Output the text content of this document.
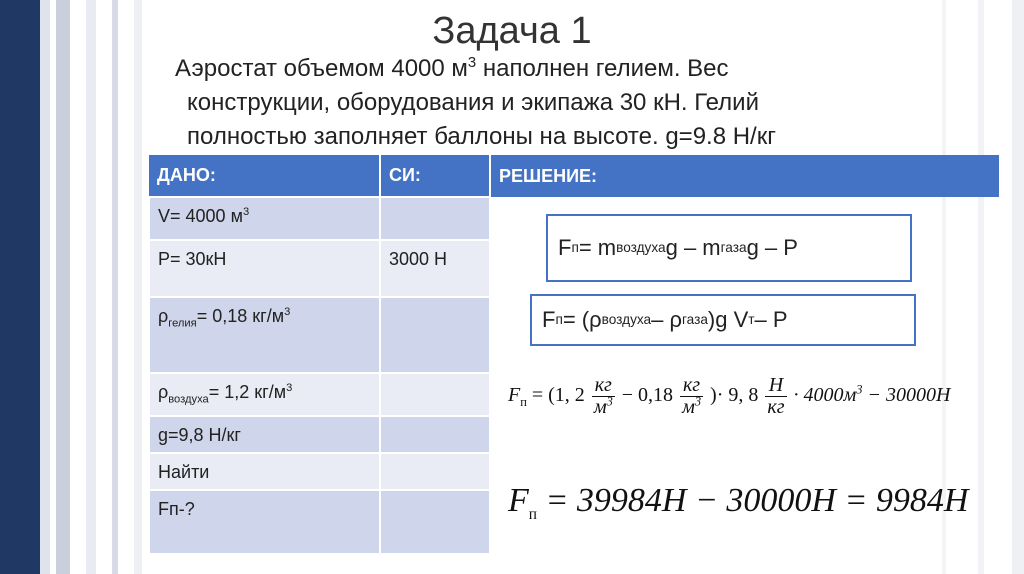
Задача 1
Аэростат объемом 4000 $м^3$ наполнен гелием. Вес
конструкции, оборудования и экипажа 30 кН. Гелий
полностью заполняет баллоны на высоте. g=9.8 Н/кг
ДАНО:	СИ:	РЕШЕНИЕ:
V= 4000 $м^3$	
P= 30кН	3000 Н	
$\rho_{гелия}= 0,18$ $кг/м^3$	
$\rho_{воздуха}= 1,2$ $кг/м^3$	
g=9,8 Н/кг		
Найти		
Fп-?		
F п = m воздуха g – m газа g – P
F п = (ρ воздуха – ρ газа )g V т – P
$F_п = (1$, $2 \frac{кг}{м^3} - 0,18 \frac{кг}{м^3}$ )· 9, $8 \frac{Н}{кг} \cdot 4000м^3 - 30000Н$
$F_п = 39984Н - 30000Н = 9984Н$
